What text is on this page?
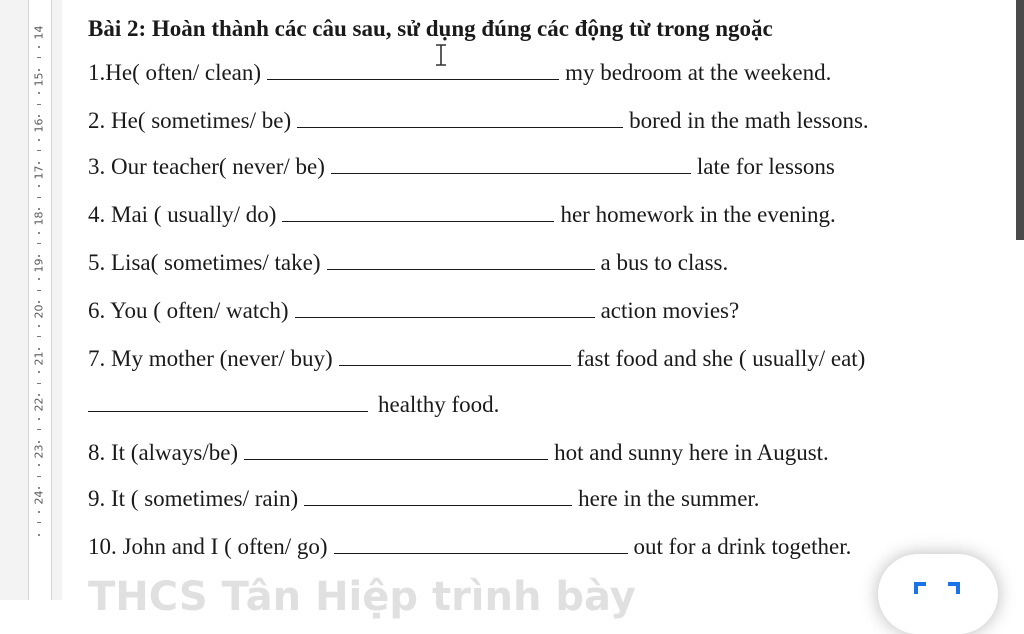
14
15
16
17
18
19
20
21
22
23
24
Bài 2: Hoàn thành các câu sau, sử dụng đúng các động từ trong ngoặc
1.He( often/ clean)	my bedroom at the weekend.
2. He( sometimes/ be)	bored in the math lessons.
3. Our teacher( never/ be)	late for lessons
4. Mai ( usually/ do)	her homework in the evening.
5. Lisa( sometimes/ take)	a bus to class.
6. You ( often/ watch)	action movies?
7. My mother (never/ buy)	fast food and she ( usually/ eat)
healthy food.
8. It (always/be)	hot and sunny here in August.
9. It ( sometimes/ rain)	here in the summer.
10. John and I ( often/ go)	out for a drink together.
THCS Tân Hiệp trình bày
